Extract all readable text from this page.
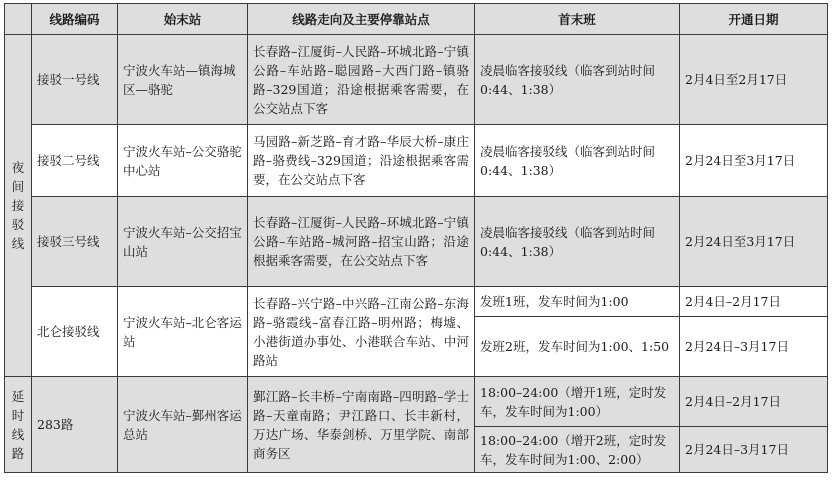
	线路编码	始末站	线路走向及主要停靠站点	首末班	开通日期

夜间接驳线	接驳一号线	宁波火车站—镇海城区—骆驼	长春路–江厦街–人民路–环城北路–宁镇公路–车站路–聪园路–大西门路–镇骆路–329国道；沿途根据乘客需要，在公交站点下客	凌晨临客接驳线（临客到站时间0:44、1:38）	2月4日至2月17日
	接驳二号线	宁波火车站–公交骆驼中心站	马园路–新芝路–育才路–华辰大桥–康庄路–骆费线–329国道；沿途根据乘客需要，在公交站点下客	凌晨临客接驳线（临客到站时间0:44、1:38）	2月24日至3月17日
	接驳三号线	宁波火车站–公交招宝山站	长春路–江厦街–人民路–环城北路–宁镇公路–车站路–城河路–招宝山路；沿途根据乘客需要，在公交站点下客	凌晨临客接驳线（临客到站时间0:44、1:38）	2月24日至3月17日
	北仑接驳线	宁波火车站–北仑客运站	长春路–兴宁路–中兴路–江南公路–东海路–骆霞线–富春江路–明州路；梅墟、小港街道办事处、小港联合车站、中河路站	发班1班，发车时间为1:00	2月4日–2月17日
				发班2班，发车时间为1:00、1:50	2月24日–3月17日

延时线路	283路	宁波火车站–鄞州客运总站	鄞江路–长丰桥–宁南南路–四明路–学士路–天童南路；尹江路口、长丰新村，万达广场、华泰剑桥、万里学院、南部商务区	18:00–24:00（增开1班，定时发车，发车时间为1:00）	2月4日–2月17日
				18:00–24:00（增开2班，定时发车，发车时间为1:00、2:00）	2月24日–3月17日
